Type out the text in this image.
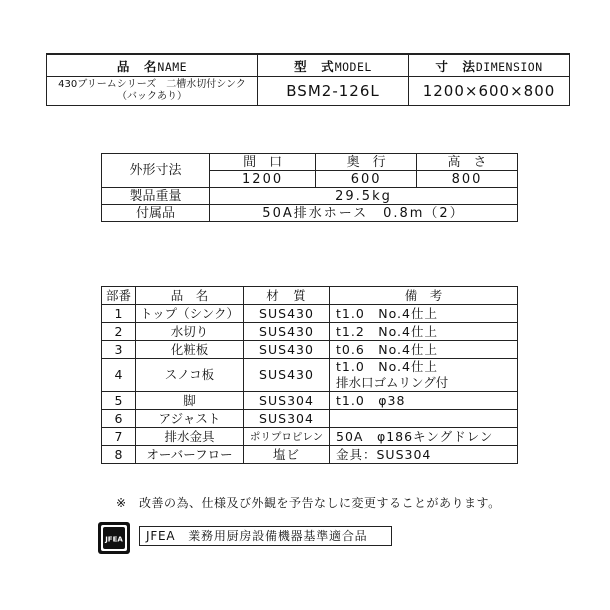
品　名NAME	型　式MODEL	寸　法DIMENSION

430ブリームシリーズ　二槽水切付シンク
（バックあり）	BSM2-126L	1200×600×800
外形寸法	間　口	奥　行	高　さ
	1200	600	800
製品重量	29.5kg		
付属品	50A排水ホース　0.8m（2）		
部番	品　名	材　質	備　考
1	トップ（シンク）	SUS430	t1.0　No.4仕上

2	水切り	SUS430	t1.2　No.4仕上

3	化粧板	SUS430	t0.6　No.4仕上

4	スノコ板	SUS430	t1.0　No.4仕上
排水口ゴムリング付

5	脚	SUS304	t1.0　φ38

6	アジャスト	SUS304	

7	排水金具	ポリプロピレン	50A　φ186キングドレン

8	オーバーフロー	塩ビ	金具：SUS304
※　改善の為、仕様及び外観を予告なしに変更することがあります。
JFEA	JFEA　業務用厨房設備機器基準適合品
